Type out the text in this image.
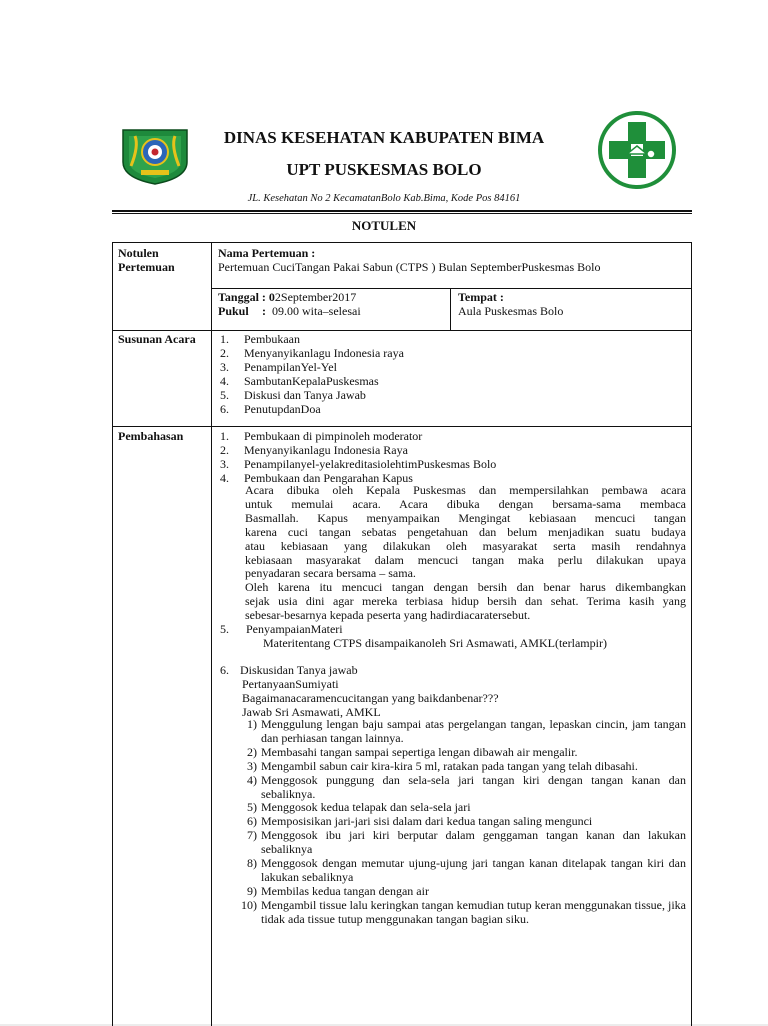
DINAS KESEHATAN KABUPATEN BIMA
UPT PUSKESMAS BOLO
JL. Kesehatan No 2 KecamatanBolo Kab.Bima, Kode Pos 84161
NOTULEN
Notulen
Pertemuan
Nama Pertemuan :
Pertemuan CuciTangan Pakai Sabun (CTPS ) Bulan SeptemberPuskesmas Bolo
Tanggal : 02September2017
Pukul : 09.00 wita–selesai
Tempat :
Aula Puskesmas Bolo
Susunan Acara 1. Pembukaan
2. Menyanyikanlagu Indonesia raya
3. PenampilanYel-Yel
4. SambutanKepalaPuskesmas
5. Diskusi dan Tanya Jawab
6. PenutupdanDoa
Pembahasan	1. Pembukaan di pimpinoleh moderator
2. Menyanyikanlagu Indonesia Raya
3. Penampilanyel-yelakreditasiolehtimPuskesmas Bolo
4. Pembukaan dan Pengarahan Kapus
Acara dibuka oleh Kepala Puskesmas dan mempersilahkan pembawa acara
untuk memulai acara. Acara dibuka dengan bersama-sama membaca
Basmallah. Kapus menyampaikan Mengingat kebiasaan mencuci tangan
karena cuci tangan sebatas pengetahuan dan belum menjadikan suatu budaya
atau kebiasaan yang dilakukan oleh masyarakat serta masih rendahnya
kebiasaan masyarakat dalam mencuci tangan maka perlu dilakukan upaya
penyadaran secara bersama – sama.
Oleh karena itu mencuci tangan dengan bersih dan benar harus dikembangkan
sejak usia dini agar mereka terbiasa hidup bersih dan sehat. Terima kasih yang
sebesar-besarnya kepada peserta yang hadirdiacaratersebut.
5. PenyampaianMateri
Materitentang CTPS disampaikanoleh Sri Asmawati, AMKL(terlampir)
6. Diskusidan Tanya jawab
PertanyaanSumiyati
Bagaimanacaramencucitangan yang baikdanbenar???
Jawab Sri Asmawati, AMKL
1) Menggulung lengan baju sampai atas pergelangan tangan, lepaskan cincin, jam tangan dan perhiasan tangan lainnya.
2) Membasahi tangan sampai sepertiga lengan dibawah air mengalir.
3) Mengambil sabun cair kira-kira 5 ml, ratakan pada tangan yang telah dibasahi.
4) Menggosok punggung dan sela-sela jari tangan kiri dengan tangan kanan dan sebaliknya.
5) Menggosok kedua telapak dan sela-sela jari
6) Memposisikan jari-jari sisi dalam dari kedua tangan saling mengunci
7) Menggosok ibu jari kiri berputar dalam genggaman tangan kanan dan lakukan sebaliknya
8) Menggosok dengan memutar ujung-ujung jari tangan kanan ditelapak tangan kiri dan lakukan sebaliknya
9) Membilas kedua tangan dengan air
10) Mengambil tissue lalu keringkan tangan kemudian tutup keran menggunakan tissue, jika tidak ada tissue tutup menggunakan tangan bagian siku.
